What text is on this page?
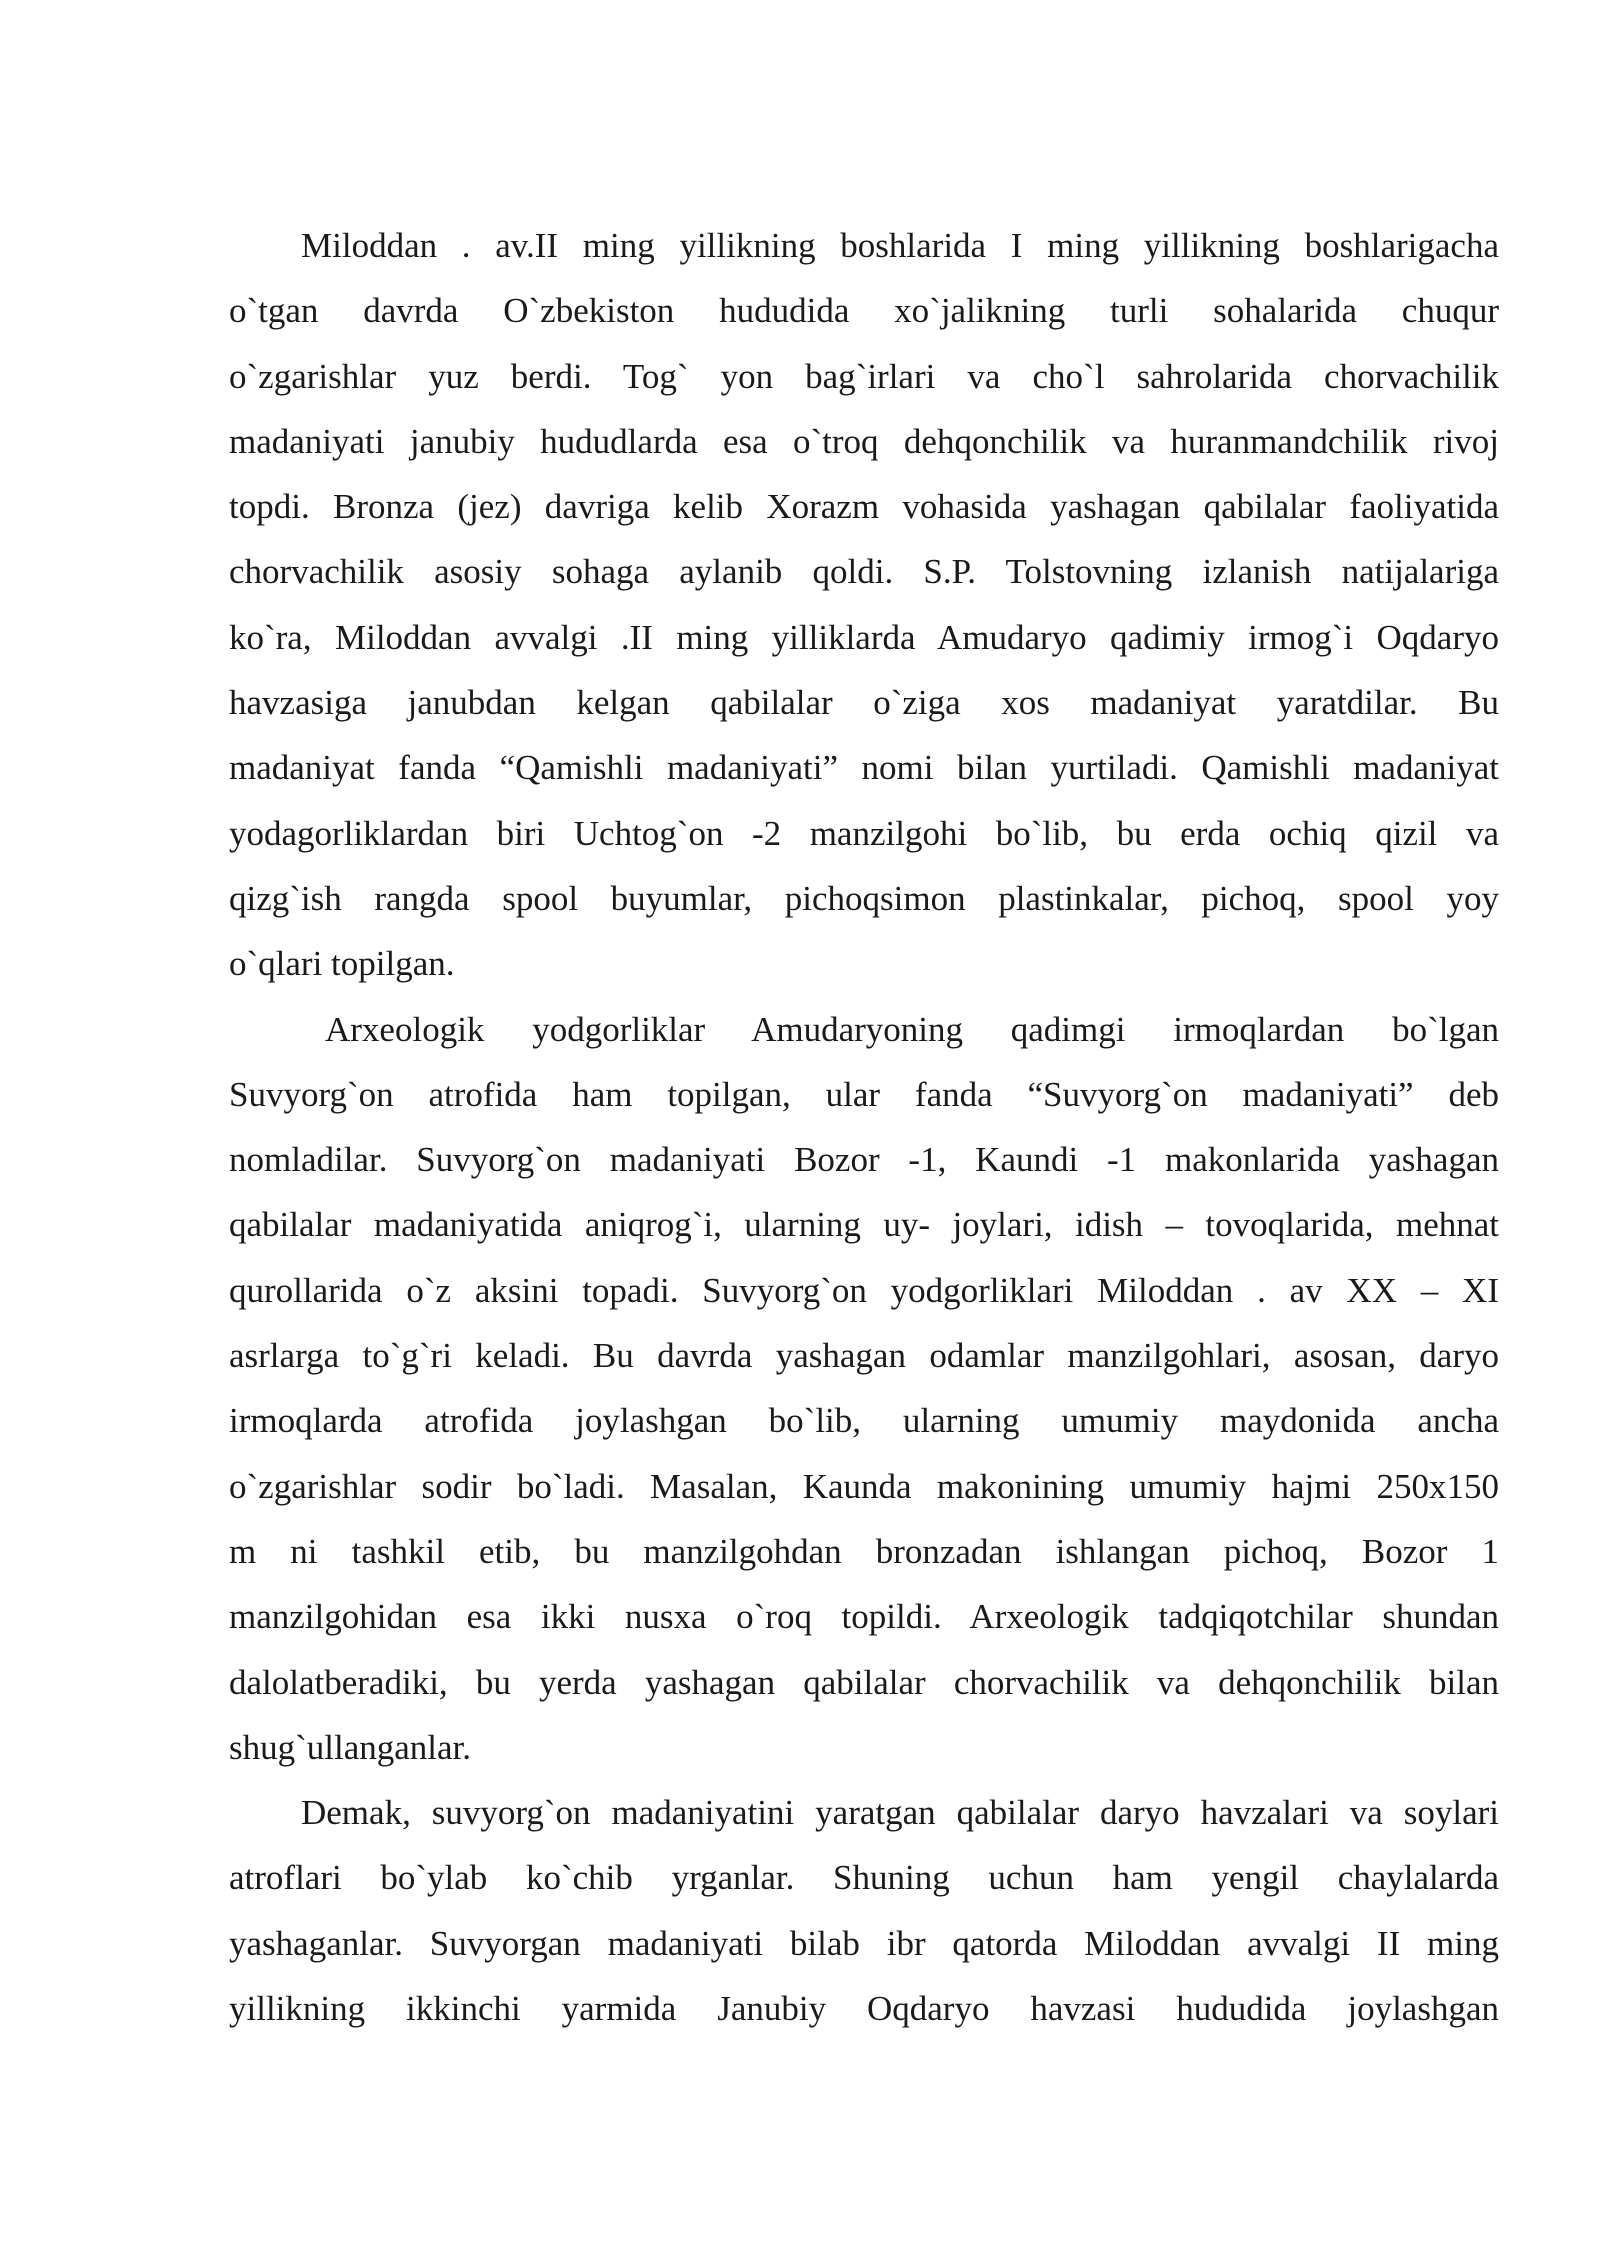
Miloddan . av.II ming yillikning boshlarida I ming yillikning boshlarigacha
o`tgan davrda O`zbekiston hududida xo`jalikning turli sohalarida chuqur
o`zgarishlar yuz berdi. Tog` yon bag`irlari va cho`l sahrolarida chorvachilik
madaniyati janubiy hududlarda esa o`troq dehqonchilik va huranmandchilik rivoj
topdi. Bronza (jez) davriga kelib Xorazm vohasida yashagan qabilalar faoliyatida
chorvachilik asosiy sohaga aylanib qoldi. S.P. Tolstovning izlanish natijalariga
ko`ra, Miloddan avvalgi .II ming yilliklarda Amudaryo qadimiy irmog`i Oqdaryo
havzasiga janubdan kelgan qabilalar o`ziga xos madaniyat yaratdilar. Bu
madaniyat fanda “Qamishli madaniyati” nomi bilan yurtiladi. Qamishli madaniyat
yodagorliklardan biri Uchtog`on -2 manzilgohi bo`lib, bu erda ochiq qizil va
qizg`ish rangda spool buyumlar, pichoqsimon plastinkalar, pichoq, spool yoy
o`qlari topilgan.
Arxeologik yodgorliklar Amudaryoning qadimgi irmoqlardan bo`lgan
Suvyorg`on atrofida ham topilgan, ular fanda “Suvyorg`on madaniyati” deb
nomladilar. Suvyorg`on madaniyati Bozor -1, Kaundi -1 makonlarida yashagan
qabilalar madaniyatida aniqrog`i, ularning uy- joylari, idish – tovoqlarida, mehnat
qurollarida o`z aksini topadi. Suvyorg`on yodgorliklari Miloddan . av XX – XI
asrlarga to`g`ri keladi. Bu davrda yashagan odamlar manzilgohlari, asosan, daryo
irmoqlarda atrofida joylashgan bo`lib, ularning umumiy maydonida ancha
o`zgarishlar sodir bo`ladi. Masalan, Kaunda makonining umumiy hajmi 250x150
m ni tashkil etib, bu manzilgohdan bronzadan ishlangan pichoq, Bozor 1
manzilgohidan esa ikki nusxa o`roq topildi. Arxeologik tadqiqotchilar shundan
dalolatberadiki, bu yerda yashagan qabilalar chorvachilik va dehqonchilik bilan
shug`ullanganlar.
Demak, suvyorg`on madaniyatini yaratgan qabilalar daryo havzalari va soylari
atroflari bo`ylab ko`chib yrganlar. Shuning uchun ham yengil chaylalarda
yashaganlar. Suvyorgan madaniyati bilab ibr qatorda Miloddan avvalgi II ming
yillikning ikkinchi yarmida Janubiy Oqdaryo havzasi hududida joylashgan
